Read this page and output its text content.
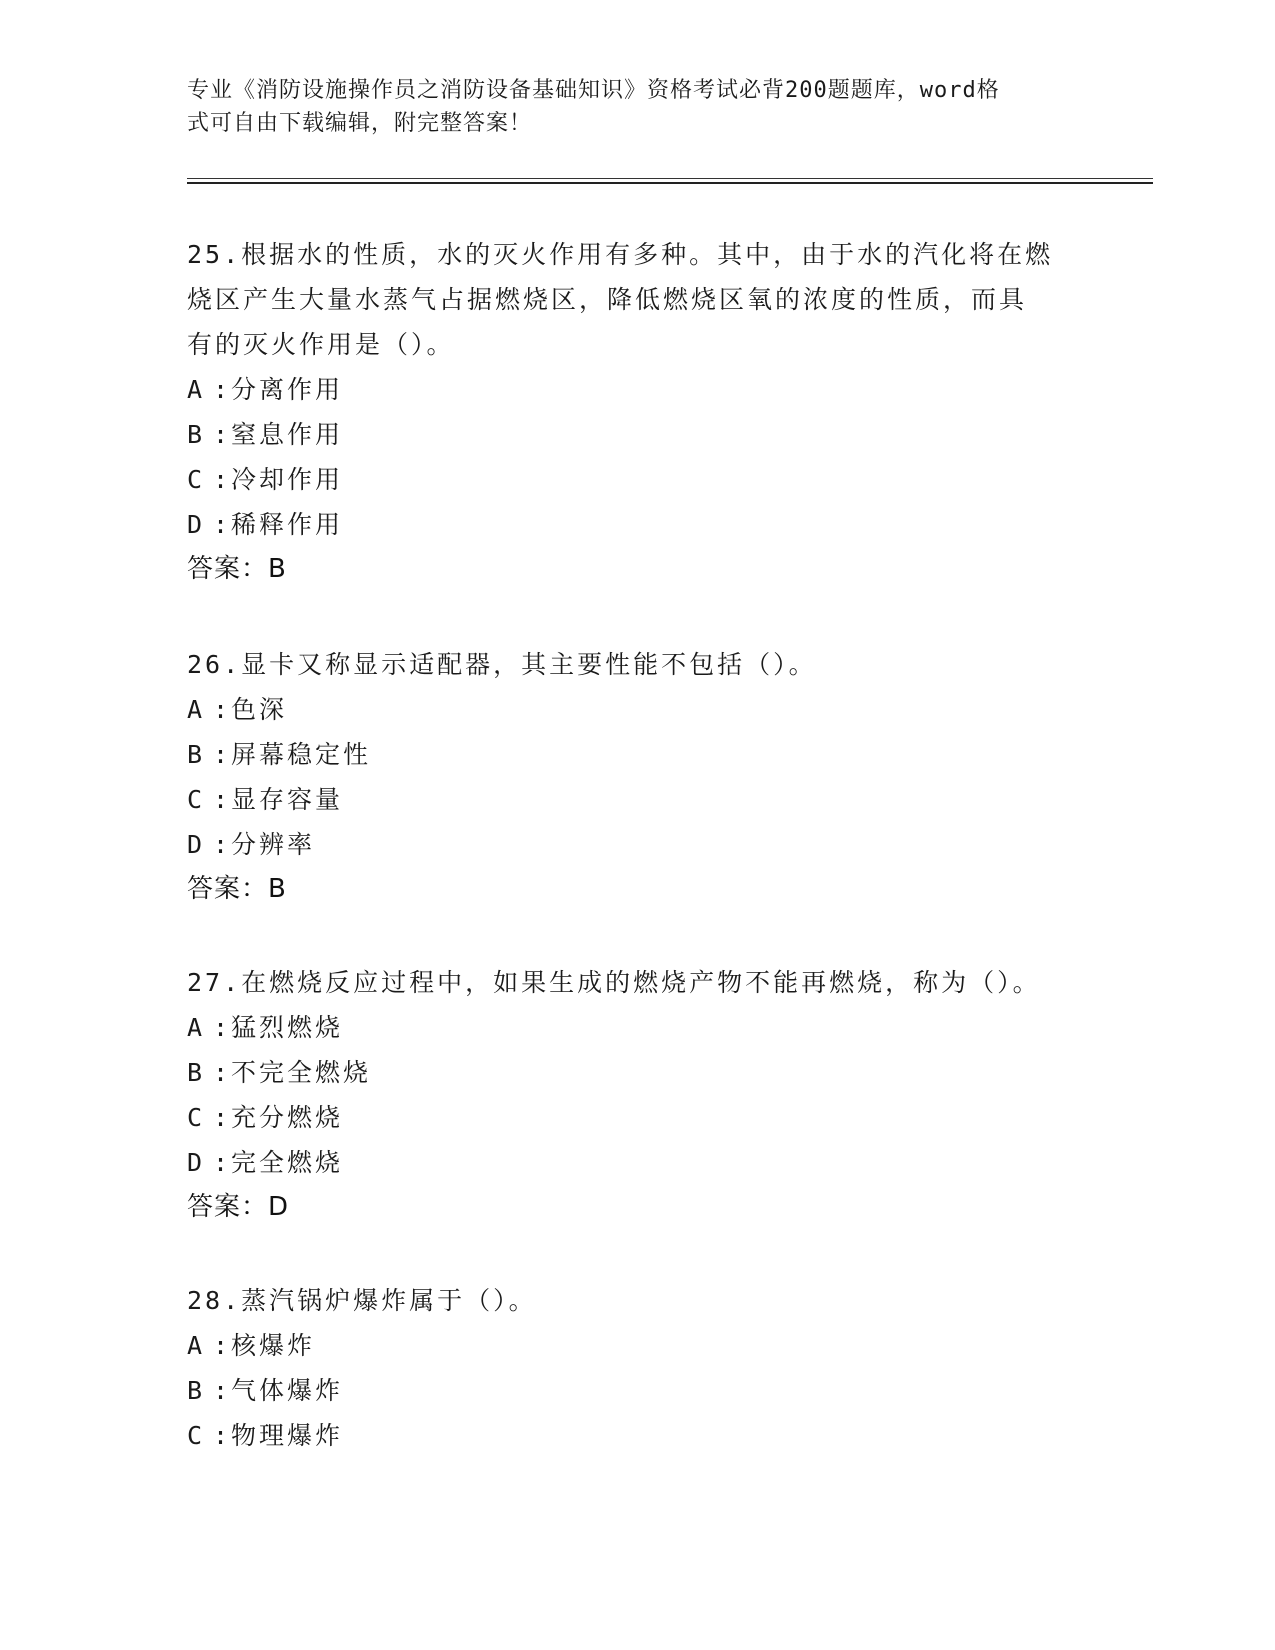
专业《消防设施操作员之消防设备基础知识》资格考试必背200题题库，word格
式可自由下载编辑，附完整答案！

25.根据水的性质，水的灭火作用有多种。其中，由于水的汽化将在燃

烧区产生大量水蒸气占据燃烧区，降低燃烧区氧的浓度的性质，而具

有的灭火作用是（）。

A : 分离作用

B : 窒息作用

C : 冷却作用

D : 稀释作用

答案：B

26.显卡又称显示适配器，其主要性能不包括（）。

A : 色深

B : 屏幕稳定性

C : 显存容量

D : 分辨率

答案：B

27.在燃烧反应过程中，如果生成的燃烧产物不能再燃烧，称为（）。

A : 猛烈燃烧

B : 不完全燃烧

C : 充分燃烧

D : 完全燃烧

答案：D

28.蒸汽锅炉爆炸属于（）。

A : 核爆炸

B : 气体爆炸

C : 物理爆炸
